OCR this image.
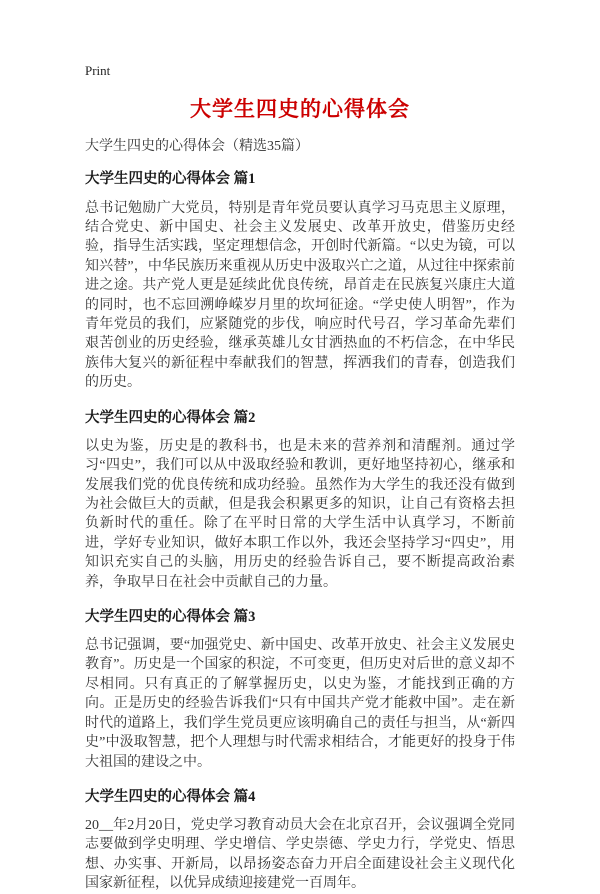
Print
大学生四史的心得体会
大学生四史的心得体会（精选35篇）
大学生四史的心得体会 篇1

总书记勉励广大党员，特别是青年党员要认真学习马克思主义原理，结合党史、新中国史、社会主义发展史、改革开放史，借鉴历史经验，指导生活实践，坚定理想信念，开创时代新篇。“以史为镜，可以知兴替”，中华民族历来重视从历史中汲取兴亡之道，从过往中探索前进之途。共产党人更是延续此优良传统，昂首走在民族复兴康庄大道的同时，也不忘回溯峥嵘岁月里的坎坷征途。“学史使人明智”，作为青年党员的我们，应紧随党的步伐，响应时代号召，学习革命先辈们艰苦创业的历史经验，继承英雄儿女甘洒热血的不朽信念，在中华民族伟大复兴的新征程中奉献我们的智慧，挥洒我们的青春，创造我们的历史。

大学生四史的心得体会 篇2

以史为鉴，历史是的教科书，也是未来的营养剂和清醒剂。通过学习“四史”，我们可以从中汲取经验和教训，更好地坚持初心，继承和发展我们党的优良传统和成功经验。虽然作为大学生的我还没有做到为社会做巨大的贡献，但是我会积累更多的知识，让自己有资格去担负新时代的重任。除了在平时日常的大学生活中认真学习，不断前进，学好专业知识，做好本职工作以外，我还会坚持学习“四史”，用知识充实自己的头脑，用历史的经验告诉自己，要不断提高政治素养，争取早日在社会中贡献自己的力量。

大学生四史的心得体会 篇3

总书记强调，要“加强党史、新中国史、改革开放史、社会主义发展史教育”。历史是一个国家的积淀，不可变更，但历史对后世的意义却不尽相同。只有真正的了解掌握历史，以史为鉴，才能找到正确的方向。正是历史的经验告诉我们“只有中国共产党才能救中国”。走在新时代的道路上，我们学生党员更应该明确自己的责任与担当，从“新四史”中汲取智慧，把个人理想与时代需求相结合，才能更好的投身于伟大祖国的建设之中。

大学生四史的心得体会 篇4

20__年2月20日，党史学习教育动员大会在北京召开，会议强调全党同志要做到学史明理、学史增信、学史崇德、学史力行，学党史、悟思想、办实事、开新局，以昂扬姿态奋力开启全面建设社会主义现代化国家新征程，以优异成绩迎接建党一百周年。
